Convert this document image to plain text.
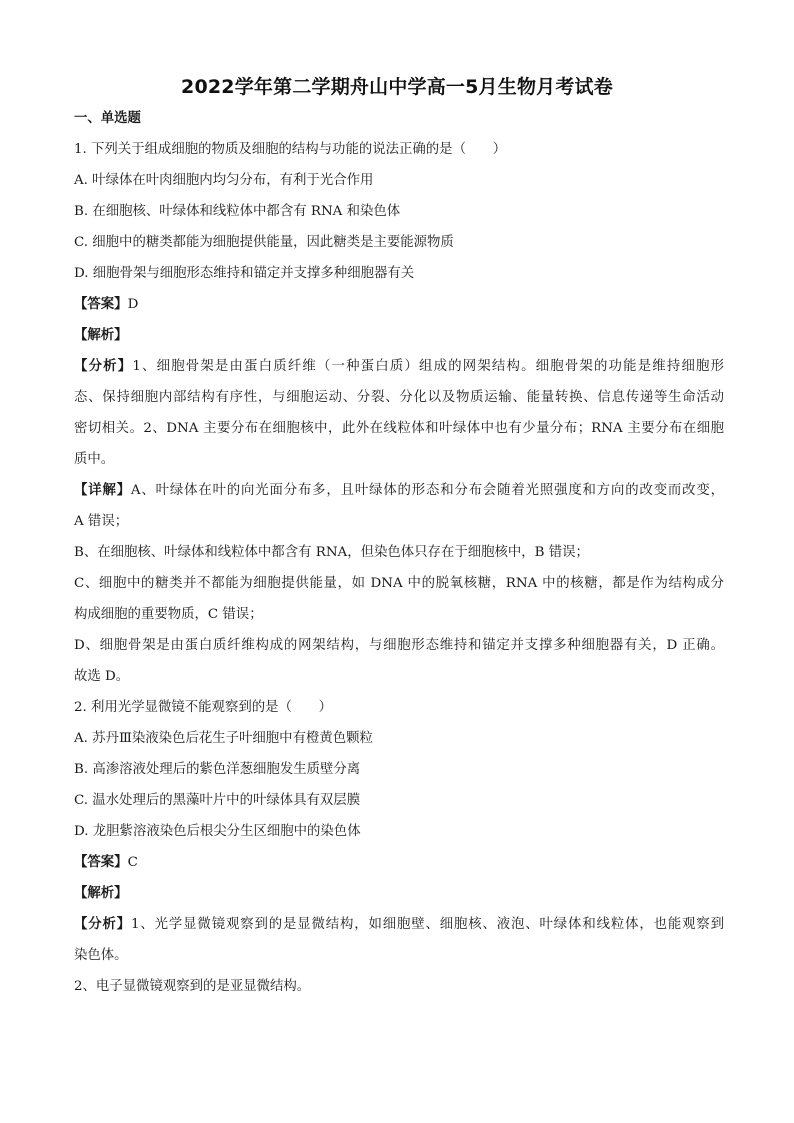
2022学年第二学期舟山中学高一5月生物月考试卷
一、单选题
1. 下列关于组成细胞的物质及细胞的结构与功能的说法正确的是（　　）
A. 叶绿体在叶肉细胞内均匀分布，有利于光合作用
B. 在细胞核、叶绿体和线粒体中都含有 RNA 和染色体
C. 细胞中的糖类都能为细胞提供能量，因此糖类是主要能源物质
D. 细胞骨架与细胞形态维持和锚定并支撑多种细胞器有关
【答案】D
【解析】
【分析】1、细胞骨架是由蛋白质纤维（一种蛋白质）组成的网架结构。细胞骨架的功能是维持细胞形
态、保持细胞内部结构有序性，与细胞运动、分裂、分化以及物质运输、能量转换、信息传递等生命活动
密切相关。2、DNA 主要分布在细胞核中，此外在线粒体和叶绿体中也有少量分布；RNA 主要分布在细胞
质中。
【详解】A、叶绿体在叶的向光面分布多，且叶绿体的形态和分布会随着光照强度和方向的改变而改变，
A 错误；
B、在细胞核、叶绿体和线粒体中都含有 RNA，但染色体只存在于细胞核中，B 错误；
C、细胞中的糖类并不都能为细胞提供能量，如 DNA 中的脱氧核糖，RNA 中的核糖，都是作为结构成分
构成细胞的重要物质，C 错误；
D、细胞骨架是由蛋白质纤维构成的网架结构，与细胞形态维持和锚定并支撑多种细胞器有关，D 正确。
故选 D。
2. 利用光学显微镜不能观察到的是（　　）
A. 苏丹Ⅲ染液染色后花生子叶细胞中有橙黄色颗粒
B. 高渗溶液处理后的紫色洋葱细胞发生质壁分离
C. 温水处理后的黑藻叶片中的叶绿体具有双层膜
D. 龙胆紫溶液染色后根尖分生区细胞中的染色体
【答案】C
【解析】
【分析】1、光学显微镜观察到的是显微结构，如细胞壁、细胞核、液泡、叶绿体和线粒体，也能观察到
染色体。
2、电子显微镜观察到的是亚显微结构。
